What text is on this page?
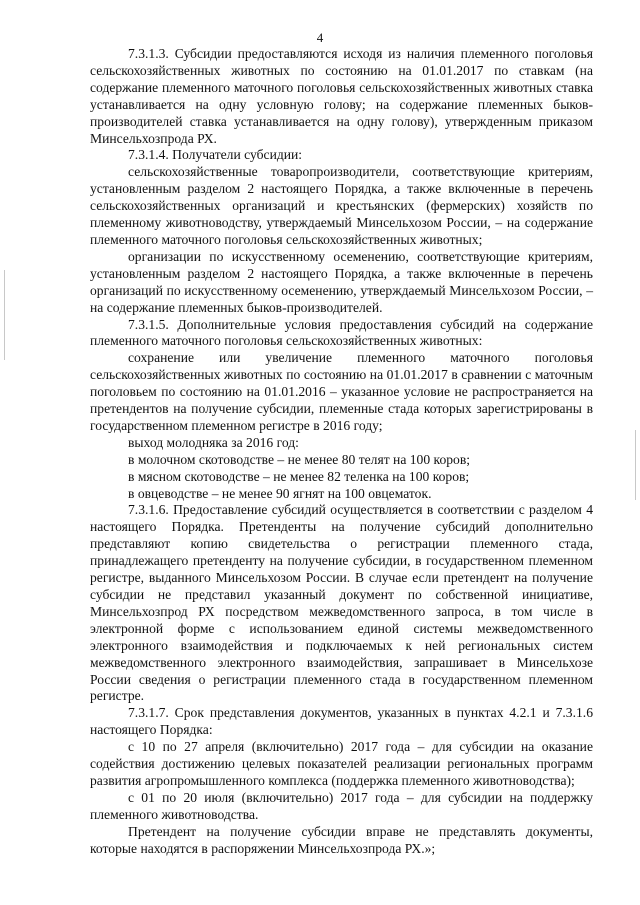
4

7.3.1.3. Субсидии предоставляются исходя из наличия племенного поголовья сельскохозяйственных животных по состоянию на 01.01.2017 по ставкам (на содержание племенного маточного поголовья сельскохозяйственных животных ставка устанавливается на одну условную голову; на содержание племенных быков-производителей ставка устанавливается на одну голову), утвержденным приказом Минсельхозпрода РХ.

7.3.1.4. Получатели субсидии:

сельскохозяйственные товаропроизводители, соответствующие критериям, установленным разделом 2 настоящего Порядка, а также включенные в перечень сельскохозяйственных организаций и крестьянских (фермерских) хозяйств по племенному животноводству, утверждаемый Минсельхозом России, – на содержание племенного маточного поголовья сельскохозяйственных животных;

организации по искусственному осеменению, соответствующие критериям, установленным разделом 2 настоящего Порядка, а также включенные в перечень организаций по искусственному осеменению, утверждаемый Минсельхозом России, – на содержание племенных быков-производителей.

7.3.1.5. Дополнительные условия предоставления субсидий на содержание племенного маточного поголовья сельскохозяйственных животных:

сохранение или увеличение племенного маточного поголовья сельскохозяйственных животных по состоянию на 01.01.2017 в сравнении с маточным поголовьем по состоянию на 01.01.2016 – указанное условие не распространяется на претендентов на получение субсидии, племенные стада которых зарегистрированы в государственном племенном регистре в 2016 году;

выход молодняка за 2016 год:

в молочном скотоводстве – не менее 80 телят на 100 коров;

в мясном скотоводстве – не менее 82 теленка на 100 коров;

в овцеводстве – не менее 90 ягнят на 100 овцематок.

7.3.1.6. Предоставление субсидий осуществляется в соответствии с разделом 4 настоящего Порядка. Претенденты на получение субсидий дополнительно представляют копию свидетельства о регистрации племенного стада, принадлежащего претенденту на получение субсидии, в государственном племенном регистре, выданного Минсельхозом России. В случае если претендент на получение субсидии не представил указанный документ по собственной инициативе, Минсельхозпрод РХ посредством межведомственного запроса, в том числе в электронной форме с использованием единой системы межведомственного электронного взаимодействия и подключаемых к ней региональных систем межведомственного электронного взаимодействия, запрашивает в Минсельхозе России сведения о регистрации племенного стада в государственном племенном регистре.

7.3.1.7. Срок представления документов, указанных в пунктах 4.2.1 и 7.3.1.6 настоящего Порядка:

с 10 по 27 апреля (включительно) 2017 года – для субсидии на оказание содействия достижению целевых показателей реализации региональных программ развития агропромышленного комплекса (поддержка племенного животноводства);

с 01 по 20 июля (включительно) 2017 года – для субсидии на поддержку племенного животноводства.

Претендент на получение субсидии вправе не представлять документы, которые находятся в распоряжении Минсельхозпрода РХ.»;
